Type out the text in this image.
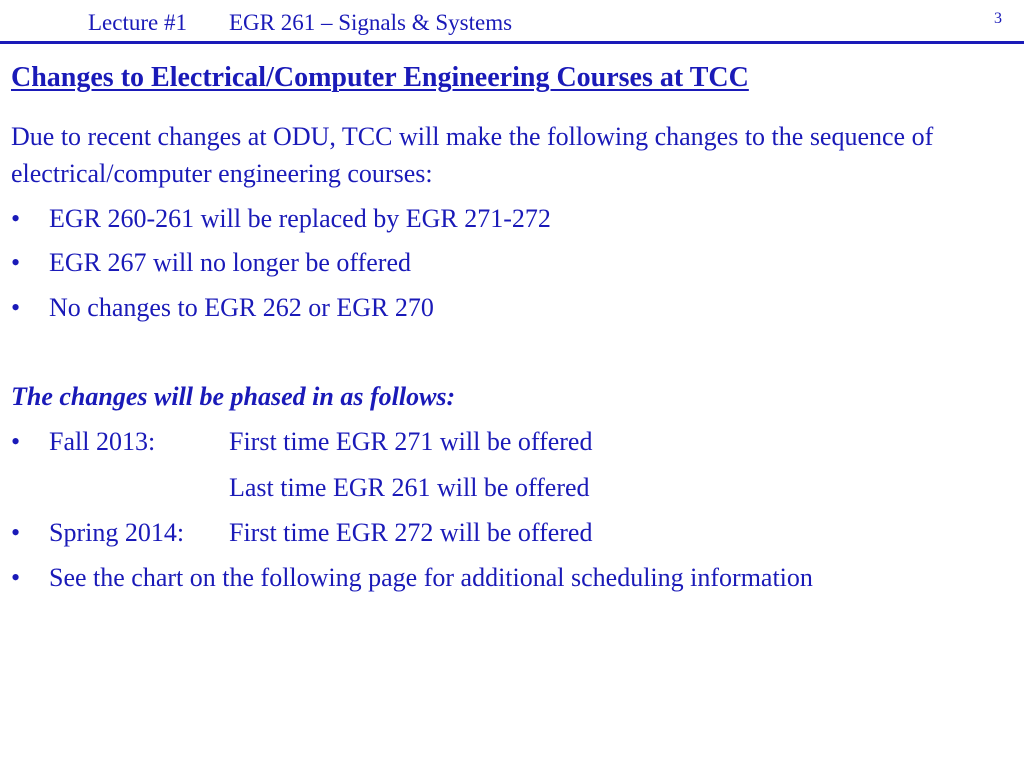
Lecture #1 EGR 261 – Signals & Systems	3
Changes to Electrical/Computer Engineering Courses at TCC
Due to recent changes at ODU, TCC will make the following changes to the sequence of electrical/computer engineering courses:
• EGR 260-261 will be replaced by EGR 271-272
• EGR 267 will no longer be offered
• No changes to EGR 262 or EGR 270
The changes will be phased in as follows:
• Fall 2013:	First time EGR 271 will be offered
Last time EGR 261 will be offered
• Spring 2014: First time EGR 272 will be offered
• See the chart on the following page for additional scheduling information
